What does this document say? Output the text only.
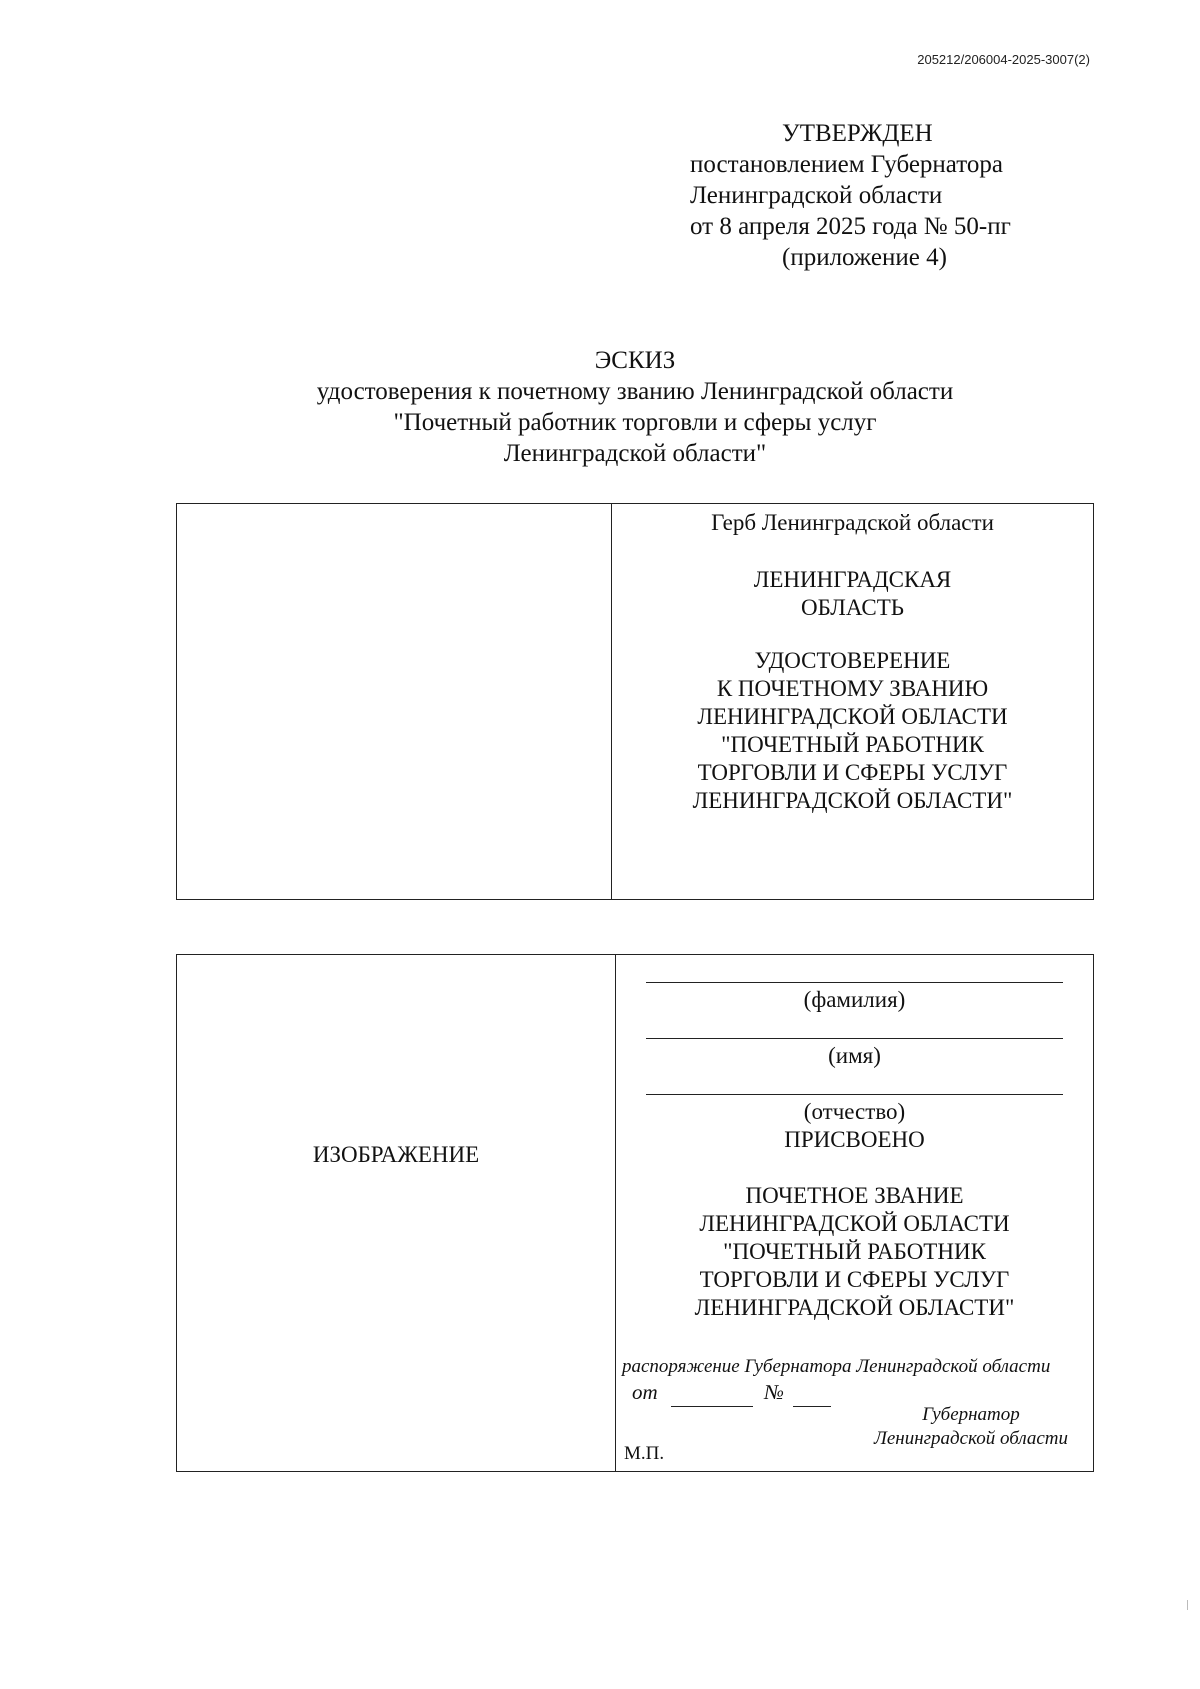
205212/206004-2025-3007(2)
УТВЕРЖДЕН
постановлением Губернатора
Ленинградской области
от 8 апреля 2025 года № 50-пг
(приложение 4)
ЭСКИЗ
удостоверения к почетному званию Ленинградской области
"Почетный работник торговли и сферы услуг
Ленинградской области"
Герб Ленинградской области
ЛЕНИНГРАДСКАЯ
ОБЛАСТЬ
УДОСТОВЕРЕНИЕ
К ПОЧЕТНОМУ ЗВАНИЮ
ЛЕНИНГРАДСКОЙ ОБЛАСТИ
"ПОЧЕТНЫЙ РАБОТНИК
ТОРГОВЛИ И СФЕРЫ УСЛУГ
ЛЕНИНГРАДСКОЙ ОБЛАСТИ"
ИЗОБРАЖЕНИЕ
(фамилия)
(имя)
(отчество)
ПРИСВОЕНО
ПОЧЕТНОЕ ЗВАНИЕ
ЛЕНИНГРАДСКОЙ ОБЛАСТИ
"ПОЧЕТНЫЙ РАБОТНИК
ТОРГОВЛИ И СФЕРЫ УСЛУГ
ЛЕНИНГРАДСКОЙ ОБЛАСТИ"
распоряжение Губернатора Ленинградской области
от	№
Губернатор
Ленинградской области
М.П.
